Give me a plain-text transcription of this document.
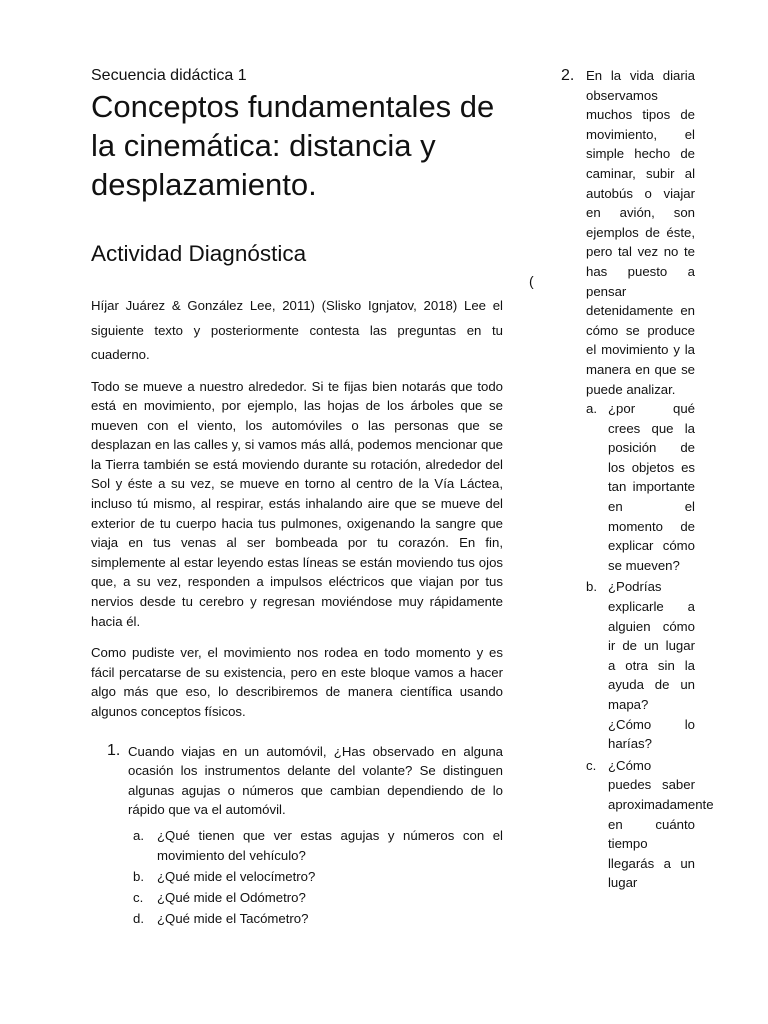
Secuencia didáctica 1

Conceptos fundamentales de la cinemática: distancia y desplazamiento.
Actividad Diagnóstica

Híjar Juárez & González Lee, 2011) (Slisko Ignjatov, 2018) Lee el siguiente texto y posteriormente contesta las preguntas en tu cuaderno.

Todo se mueve a nuestro alrededor. Si te fijas bien notarás que todo está en movimiento, por ejemplo, las hojas de los árboles que se mueven con el viento, los automóviles o las personas que se desplazan en las calles y, si vamos más allá, podemos mencionar que la Tierra también se está moviendo durante su rotación, alrededor del Sol y éste a su vez, se mueve en torno al centro de la Vía Láctea, incluso tú mismo, al respirar, estás inhalando aire que se mueve del exterior de tu cuerpo hacia tus pulmones, oxigenando la sangre que viaja en tus venas al ser bombeada por tu corazón. En fin, simplemente al estar leyendo estas líneas se están moviendo tus ojos que, a su vez, responden a impulsos eléctricos que viajan por tus nervios desde tu cerebro y regresan moviéndose muy rápidamente hacia él.

Como pudiste ver, el movimiento nos rodea en todo momento y es fácil percatarse de su existencia, pero en este bloque vamos a hacer algo más que eso, lo describiremos de manera científica usando algunos conceptos físicos.

1. Cuando viajas en un automóvil, ¿Has observado en alguna ocasión los instrumentos delante del volante? Se distinguen algunas agujas o números que cambian dependiendo de lo rápido que va el automóvil.

a. ¿Qué tienen que ver estas agujas y números con el movimiento del vehículo?
b. ¿Qué mide el velocímetro?
c. ¿Qué mide el Odómetro?
d. ¿Qué mide el Tacómetro?
(
2. En la vida diaria observamos muchos tipos de movimiento, el simple hecho de caminar, subir al autobús o viajar en avión, son ejemplos de éste, pero tal vez no te has puesto a pensar detenidamente en cómo se produce el movimiento y la manera en que se puede analizar.

a. ¿por qué crees que la posición de los objetos es tan importante en el momento de explicar cómo se mueven?

b. ¿Podrías explicarle a alguien cómo ir de un lugar a otra sin la ayuda de un mapa? ¿Cómo lo harías?

c. ¿Cómo puedes saber aproximadamente en cuánto tiempo llegarás a un lugar
